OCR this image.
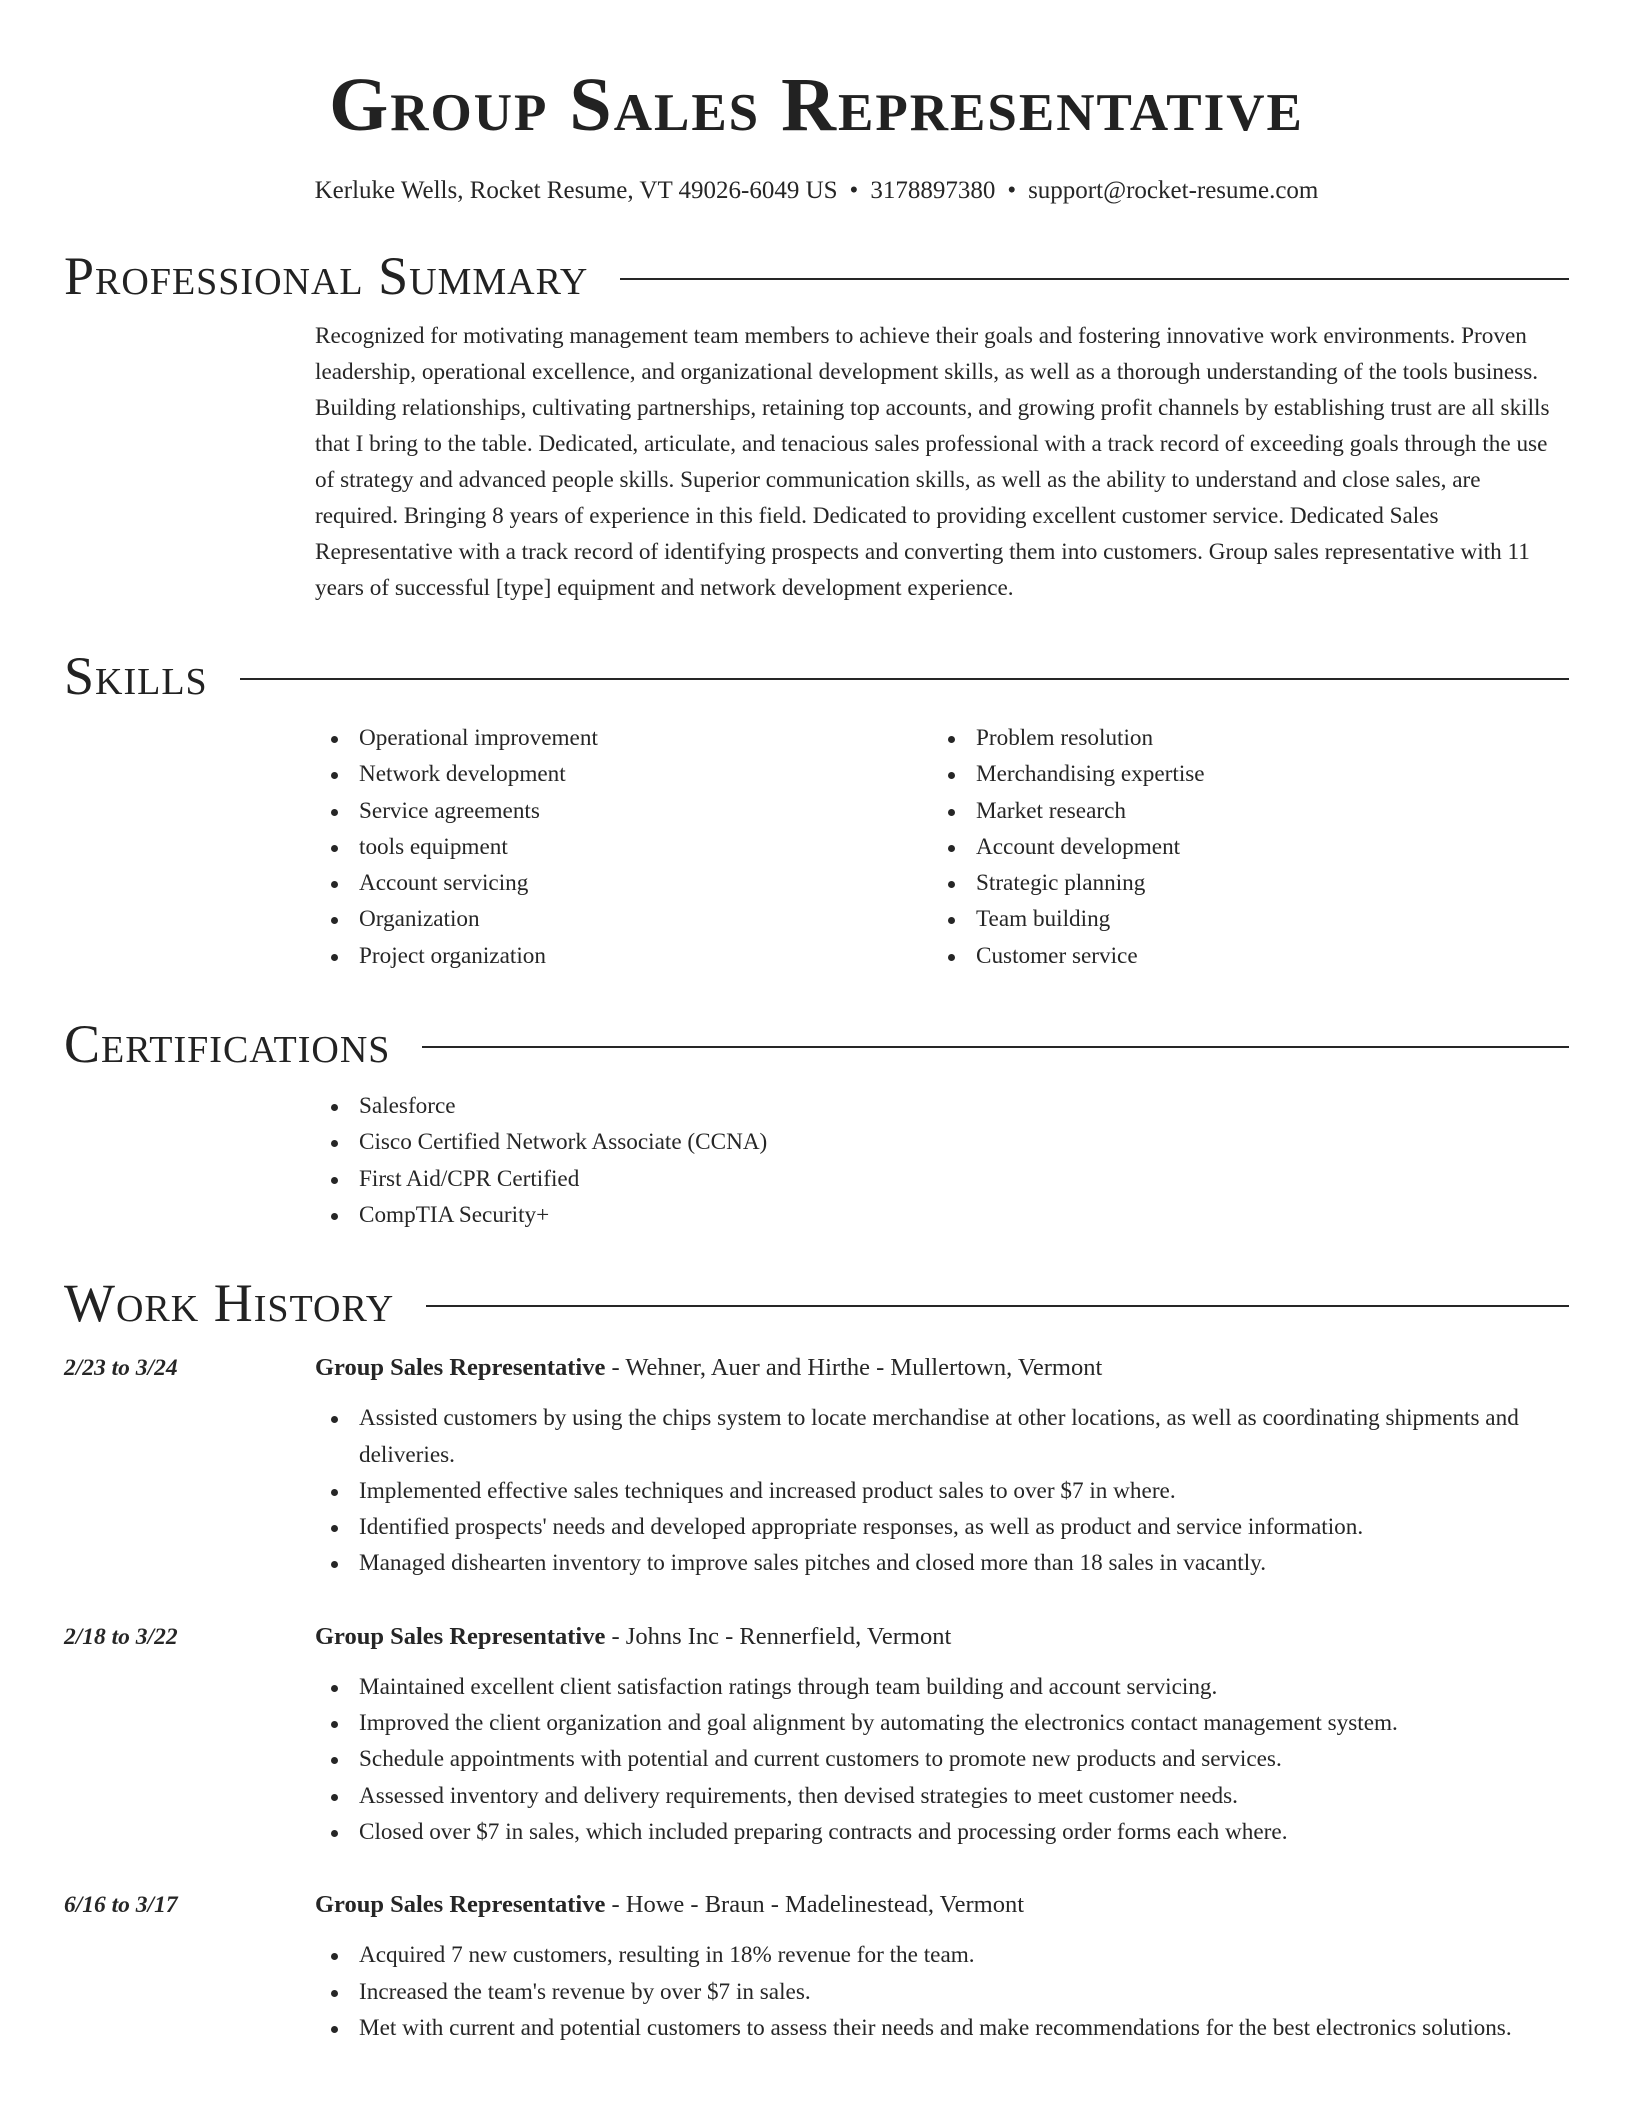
Group Sales Representative
Kerluke Wells, Rocket Resume, VT 49026-6049 US • 3178897380 • support@rocket-resume.com
Professional Summary

Recognized for motivating management team members to achieve their goals and fostering innovative work environments. Proven leadership, operational excellence, and organizational development skills, as well as a thorough understanding of the tools business. Building relationships, cultivating partnerships, retaining top accounts, and growing profit channels by establishing trust are all skills that I bring to the table. Dedicated, articulate, and tenacious sales professional with a track record of exceeding goals through the use of strategy and advanced people skills. Superior communication skills, as well as the ability to understand and close sales, are required. Bringing 8 years of experience in this field. Dedicated to providing excellent customer service. Dedicated Sales Representative with a track record of identifying prospects and converting them into customers. Group sales representative with 11 years of successful [type] equipment and network development experience.

Skills
Operational improvement
Network development
Service agreements
tools equipment
Account servicing
Organization
Project organization
Problem resolution
Merchandising expertise
Market research
Account development
Strategic planning
Team building
Customer service
Certifications
Salesforce
Cisco Certified Network Associate (CCNA)
First Aid/CPR Certified
CompTIA Security+
Work History
2/23 to 3/24	Group Sales Representative - Wehner, Auer and Hirthe - Mullertown, Vermont
Assisted customers by using the chips system to locate merchandise at other locations, as well as coordinating shipments and deliveries.
Implemented effective sales techniques and increased product sales to over $7 in where.
Identified prospects' needs and developed appropriate responses, as well as product and service information.
Managed dishearten inventory to improve sales pitches and closed more than 18 sales in vacantly.
2/18 to 3/22	Group Sales Representative - Johns Inc - Rennerfield, Vermont
Maintained excellent client satisfaction ratings through team building and account servicing.
Improved the client organization and goal alignment by automating the electronics contact management system.
Schedule appointments with potential and current customers to promote new products and services.
Assessed inventory and delivery requirements, then devised strategies to meet customer needs.
Closed over $7 in sales, which included preparing contracts and processing order forms each where.
6/16 to 3/17	Group Sales Representative - Howe - Braun - Madelinestead, Vermont
Acquired 7 new customers, resulting in 18% revenue for the team.
Increased the team's revenue by over $7 in sales.
Met with current and potential customers to assess their needs and make recommendations for the best electronics solutions.
